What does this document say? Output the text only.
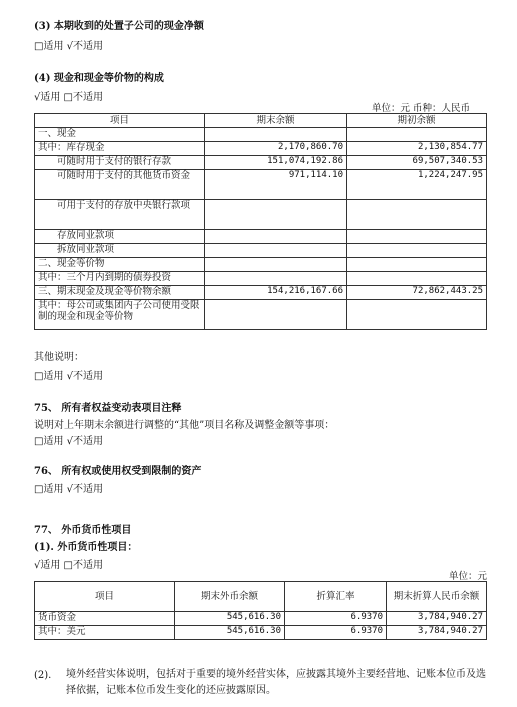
(3) 本期收到的处置子公司的现金净额
□适用 √不适用
(4) 现金和现金等价物的构成
√适用 □不适用
单位：元 币种：人民币
项目	期末余额	期初余额
一、现金		
其中：库存现金	2,170,860.70	2,130,854.77
可随时用于支付的银行存款	151,074,192.86	69,507,340.53
可随时用于支付的其他货币资金	971,114.10	1,224,247.95
可用于支付的存放中央银行款项		
存放同业款项		
拆放同业款项		
二、现金等价物		
其中：三个月内到期的债券投资		
三、期末现金及现金等价物余额	154,216,167.66	72,862,443.25
其中：母公司或集团内子公司使用受限制的现金和现金等价物		
其他说明：
□适用 √不适用
75、 所有者权益变动表项目注释
说明对上年期末余额进行调整的“其他”项目名称及调整金额等事项：
□适用 √不适用
76、 所有权或使用权受到限制的资产
□适用 √不适用
77、 外币货币性项目
(1). 外币货币性项目：
√适用 □不适用
单位：元
项目	期末外币余额	折算汇率	期末折算人民币余额
货币资金	545,616.30	6.9370	3,784,940.27
其中：美元	545,616.30	6.9370	3,784,940.27
(2). 境外经营实体说明，包括对于重要的境外经营实体，应披露其境外主要经营地、记账本位币及选择依据，记账本位币发生变化的还应披露原因。
